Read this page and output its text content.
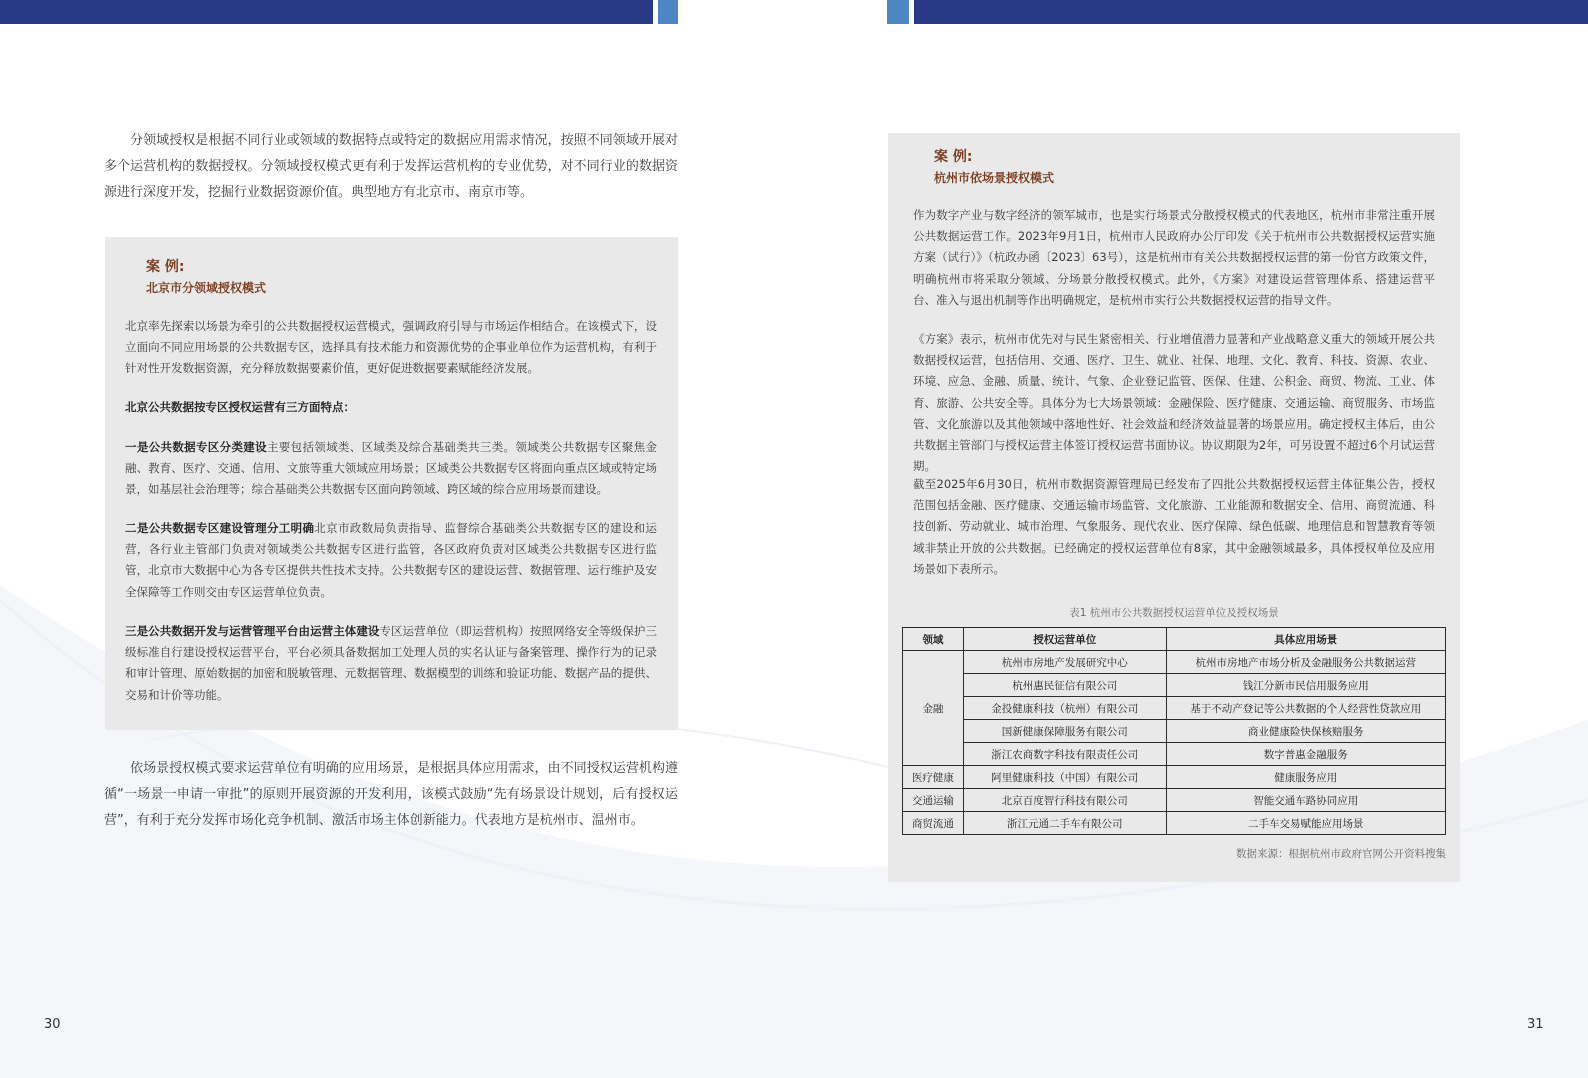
分领域授权是根据不同行业或领域的数据特点或特定的数据应用需求情况，按照不同领域开展对多个运营机构的数据授权。分领域授权模式更有利于发挥运营机构的专业优势，对不同行业的数据资源进行深度开发，挖掘行业数据资源价值。典型地方有北京市、南京市等。

案 例:
北京市分领域授权模式

北京率先探索以场景为牵引的公共数据授权运营模式，强调政府引导与市场运作相结合。在该模式下，设立面向不同应用场景的公共数据专区，选择具有技术能力和资源优势的企事业单位作为运营机构，有利于针对性开发数据资源，充分释放数据要素价值，更好促进数据要素赋能经济发展。

北京公共数据按专区授权运营有三方面特点：

一是公共数据专区分类建设主要包括领域类、区域类及综合基础类共三类。领域类公共数据专区聚焦金融、教育、医疗、交通、信用、文旅等重大领域应用场景；区域类公共数据专区将面向重点区域或特定场景，如基层社会治理等；综合基础类公共数据专区面向跨领域、跨区域的综合应用场景而建设。

二是公共数据专区建设管理分工明确北京市政数局负责指导、监督综合基础类公共数据专区的建设和运营，各行业主管部门负责对领域类公共数据专区进行监管，各区政府负责对区域类公共数据专区进行监管，北京市大数据中心为各专区提供共性技术支持。公共数据专区的建设运营、数据管理、运行维护及安全保障等工作则交由专区运营单位负责。

三是公共数据开发与运营管理平台由运营主体建设专区运营单位（即运营机构）按照网络安全等级保护三级标准自行建设授权运营平台，平台必须具备数据加工处理人员的实名认证与备案管理、操作行为的记录和审计管理、原始数据的加密和脱敏管理、元数据管理、数据模型的训练和验证功能、数据产品的提供、交易和计价等功能。

依场景授权模式要求运营单位有明确的应用场景，是根据具体应用需求，由不同授权运营机构遵循“一场景一申请一审批”的原则开展资源的开发利用，该模式鼓励“先有场景设计规划，后有授权运营”，有利于充分发挥市场化竞争机制、激活市场主体创新能力。代表地方是杭州市、温州市。

30
案 例:
杭州市依场景授权模式

作为数字产业与数字经济的领军城市，也是实行场景式分散授权模式的代表地区，杭州市非常注重开展公共数据运营工作。2023年9月1日，杭州市人民政府办公厅印发《关于杭州市公共数据授权运营实施方案（试行）》（杭政办函〔2023〕63号），这是杭州市有关公共数据授权运营的第一份官方政策文件，明确杭州市将采取分领域、分场景分散授权模式。此外，《方案》对建设运营管理体系、搭建运营平台、准入与退出机制等作出明确规定，是杭州市实行公共数据授权运营的指导文件。

《方案》表示，杭州市优先对与民生紧密相关、行业增值潜力显著和产业战略意义重大的领域开展公共数据授权运营，包括信用、交通、医疗、卫生、就业、社保、地理、文化、教育、科技、资源、农业、环境、应急、金融、质量、统计、气象、企业登记监管、医保、住建、公积金、商贸、物流、工业、体育、旅游、公共安全等。具体分为七大场景领域：金融保险、医疗健康、交通运输、商贸服务、市场监管、文化旅游以及其他领域中落地性好、社会效益和经济效益显著的场景应用。确定授权主体后，由公共数据主管部门与授权运营主体签订授权运营书面协议。协议期限为2年，可另设置不超过6个月试运营期。

截至2025年6月30日，杭州市数据资源管理局已经发布了四批公共数据授权运营主体征集公告，授权范围包括金融、医疗健康、交通运输市场监管、文化旅游、工业能源和数据安全、信用、商贸流通、科技创新、劳动就业、城市治理、气象服务、现代农业、医疗保障、绿色低碳、地理信息和智慧教育等领域非禁止开放的公共数据。已经确定的授权运营单位有8家，其中金融领域最多，具体授权单位及应用场景如下表所示。

表1 杭州市公共数据授权运营单位及授权场景
领域	授权运营单位	具体应用场景
金融	杭州市房地产发展研究中心	杭州市房地产市场分析及金融服务公共数据运营
	杭州惠民征信有限公司	钱江分新市民信用服务应用
	金投健康科技（杭州）有限公司	基于不动产登记等公共数据的个人经营性贷款应用
	国新健康保障服务有限公司	商业健康险快保核赔服务
	浙江农商数字科技有限责任公司	数字普惠金融服务
医疗健康	阿里健康科技（中国）有限公司	健康服务应用
交通运输	北京百度智行科技有限公司	智能交通车路协同应用
商贸流通	浙江元通二手车有限公司	二手车交易赋能应用场景
数据来源：根据杭州市政府官网公开资料搜集
31
